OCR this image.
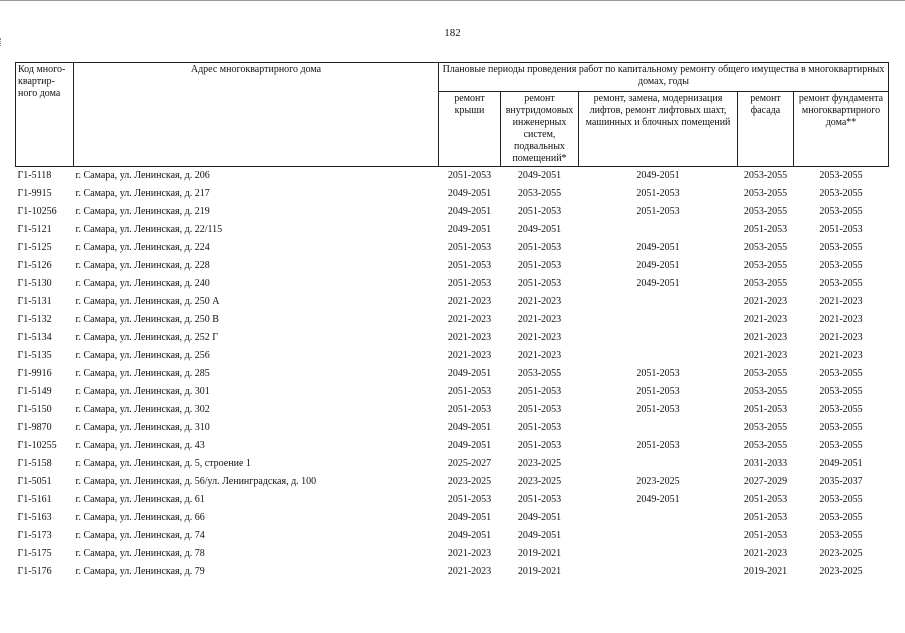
182
Код много-квартир-ного дома	Адрес многоквартирного дома	Плановые периоды проведения работ по капитальному ремонту общего имущества в многоквартирных домах, годы				
		ремонт крыши	ремонт внутридомовых инженерных систем, подвальных помещений*	ремонт, замена, модернизация лифтов, ремонт лифтовых шахт, машинных и блочных помещений	ремонт фасада	ремонт фундамента многоквартирного дома**
Г1-5118	г. Самара, ул. Ленинская, д. 206	2051-2053	2049-2051	2049-2051	2053-2055	2053-2055
Г1-9915	г. Самара, ул. Ленинская, д. 217	2049-2051	2053-2055	2051-2053	2053-2055	2053-2055
Г1-10256	г. Самара, ул. Ленинская, д. 219	2049-2051	2051-2053	2051-2053	2053-2055	2053-2055
Г1-5121	г. Самара, ул. Ленинская, д. 22/115	2049-2051	2049-2051		2051-2053	2051-2053
Г1-5125	г. Самара, ул. Ленинская, д. 224	2051-2053	2051-2053	2049-2051	2053-2055	2053-2055
Г1-5126	г. Самара, ул. Ленинская, д. 228	2051-2053	2051-2053	2049-2051	2053-2055	2053-2055
Г1-5130	г. Самара, ул. Ленинская, д. 240	2051-2053	2051-2053	2049-2051	2053-2055	2053-2055
Г1-5131	г. Самара, ул. Ленинская, д. 250 А	2021-2023	2021-2023		2021-2023	2021-2023
Г1-5132	г. Самара, ул. Ленинская, д. 250 В	2021-2023	2021-2023		2021-2023	2021-2023
Г1-5134	г. Самара, ул. Ленинская, д. 252 Г	2021-2023	2021-2023		2021-2023	2021-2023
Г1-5135	г. Самара, ул. Ленинская, д. 256	2021-2023	2021-2023		2021-2023	2021-2023
Г1-9916	г. Самара, ул. Ленинская, д. 285	2049-2051	2053-2055	2051-2053	2053-2055	2053-2055
Г1-5149	г. Самара, ул. Ленинская, д. 301	2051-2053	2051-2053	2051-2053	2053-2055	2053-2055
Г1-5150	г. Самара, ул. Ленинская, д. 302	2051-2053	2051-2053	2051-2053	2051-2053	2053-2055
Г1-9870	г. Самара, ул. Ленинская, д. 310	2049-2051	2051-2053		2053-2055	2053-2055
Г1-10255	г. Самара, ул. Ленинская, д. 43	2049-2051	2051-2053	2051-2053	2053-2055	2053-2055
Г1-5158	г. Самара, ул. Ленинская, д. 5, строение 1	2025-2027	2023-2025		2031-2033	2049-2051
Г1-5051	г. Самара, ул. Ленинская, д. 56/ул. Ленинградская, д. 100	2023-2025	2023-2025	2023-2025	2027-2029	2035-2037
Г1-5161	г. Самара, ул. Ленинская, д. 61	2051-2053	2051-2053	2049-2051	2051-2053	2053-2055
Г1-5163	г. Самара, ул. Ленинская, д. 66	2049-2051	2049-2051		2051-2053	2053-2055
Г1-5173	г. Самара, ул. Ленинская, д. 74	2049-2051	2049-2051		2051-2053	2053-2055
Г1-5175	г. Самара, ул. Ленинская, д. 78	2021-2023	2019-2021		2021-2023	2023-2025
Г1-5176	г. Самара, ул. Ленинская, д. 79	2021-2023	2019-2021		2019-2021	2023-2025
